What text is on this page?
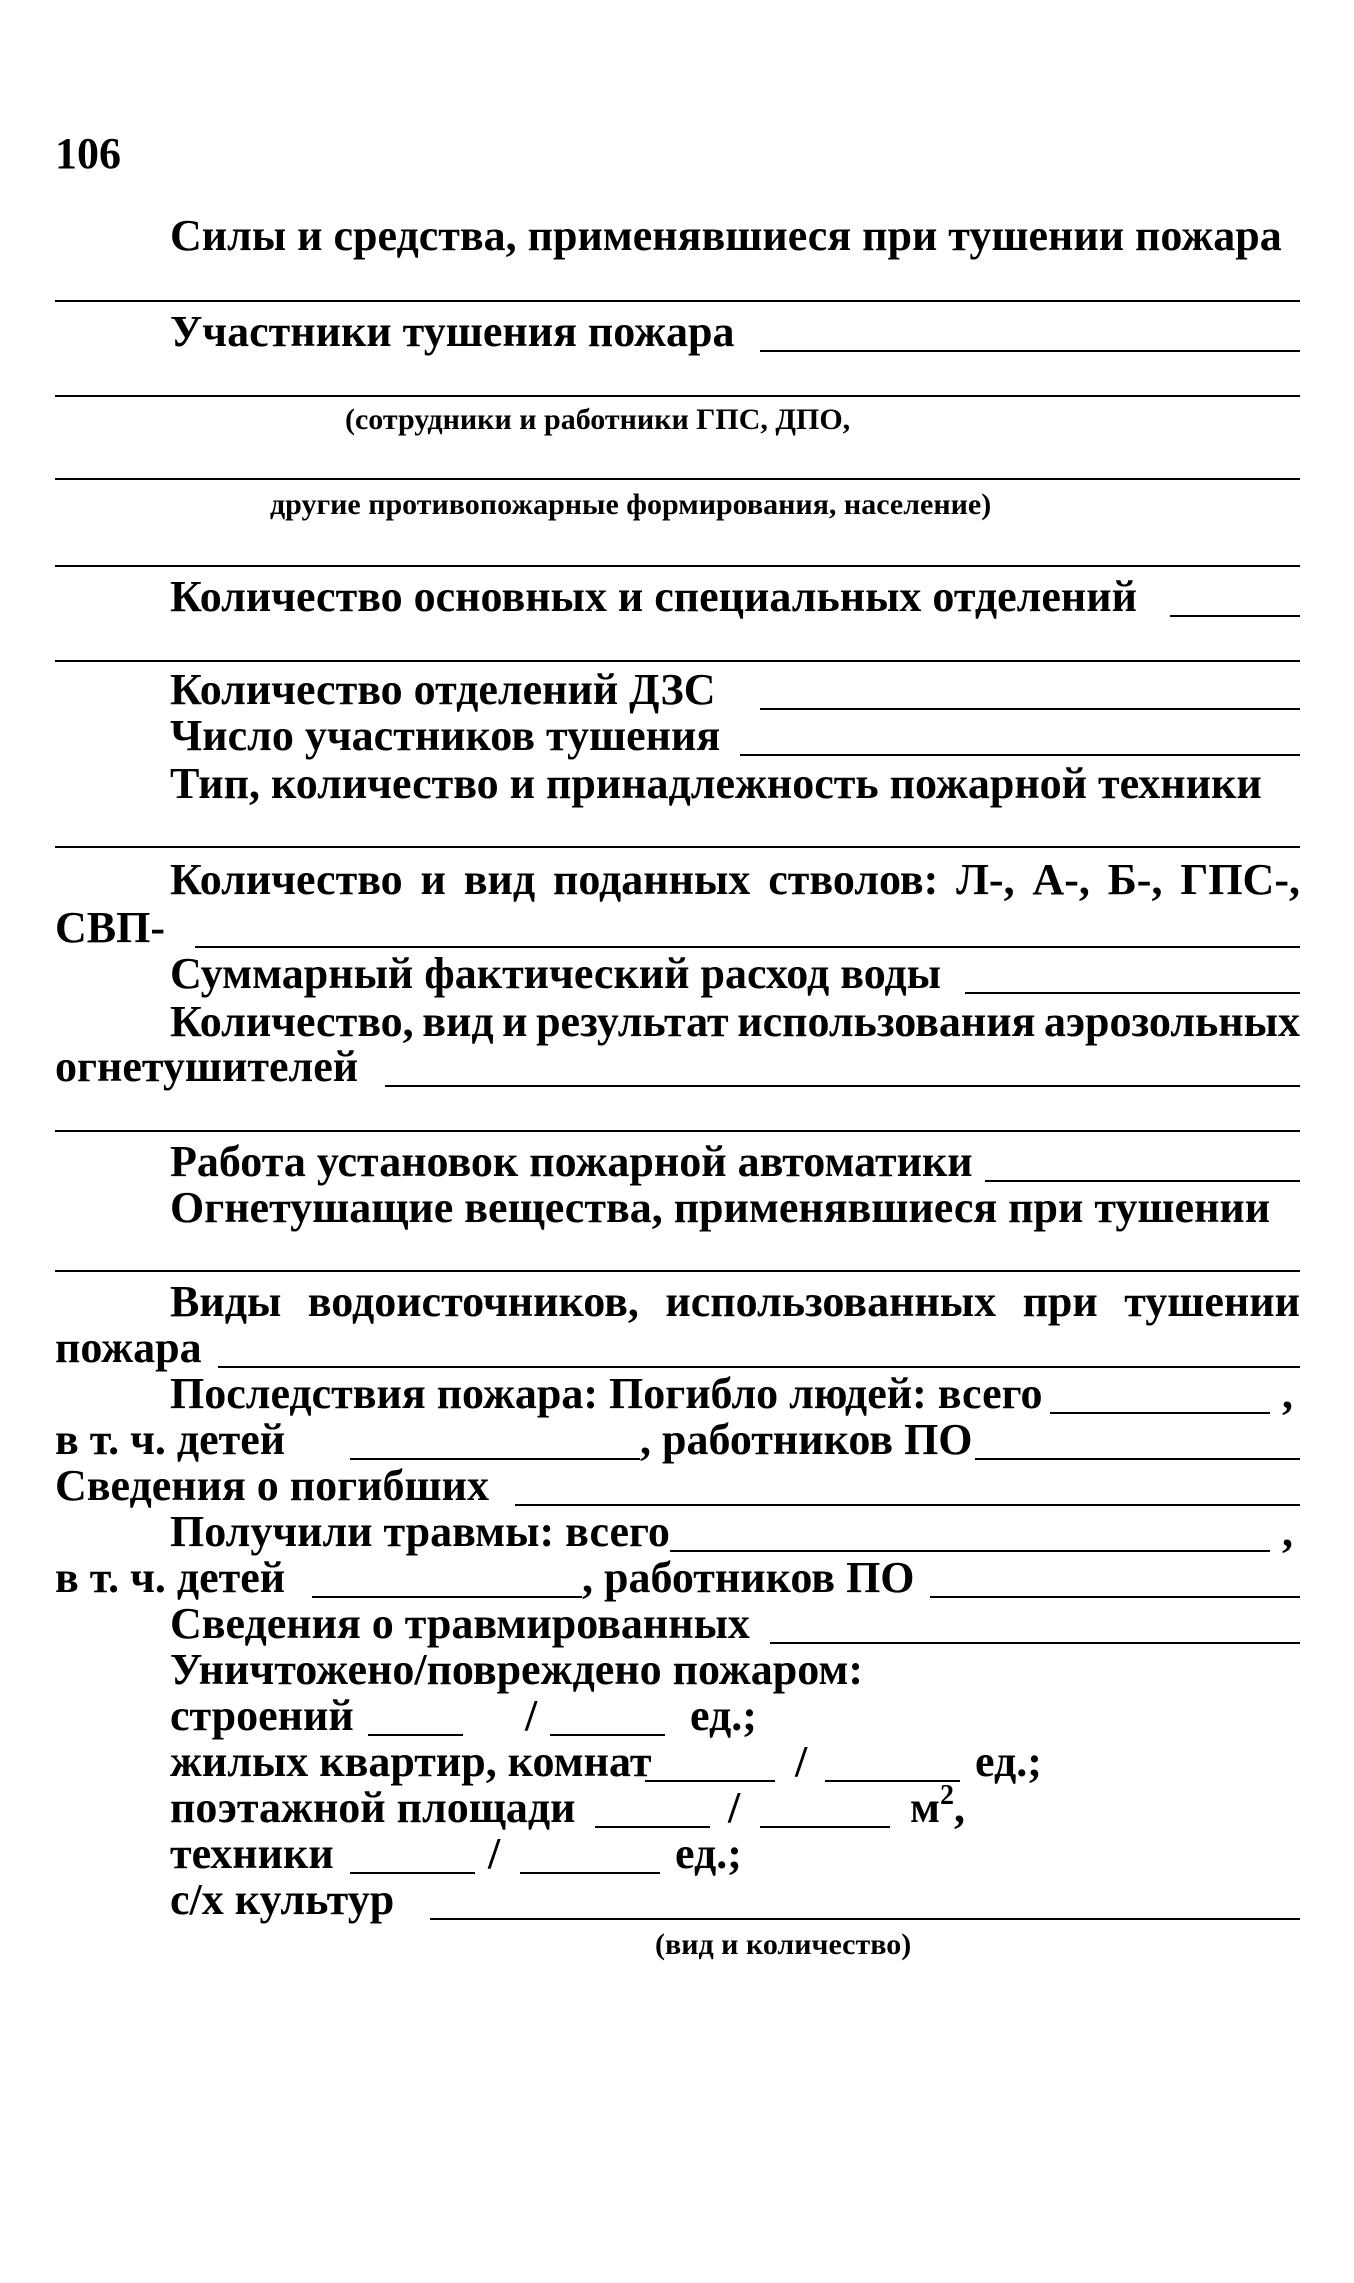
106
Силы и средства, применявшиеся при тушении пожара
Участники тушения пожара
(сотрудники и работники ГПС, ДПО,
другие противопожарные формирования, население)
Количество основных и специальных отделений
Количество отделений ДЗС
Число участников тушения
Тип, количество и принадлежность пожарной техники
Количество и вид поданных стволов: Л-, А-, Б-, ГПС-,
СВП-
Суммарный фактический расход воды
Количество, вид и результат использования аэрозольных
огнетушителей
Работа установок пожарной автоматики
Огнетушащие вещества, применявшиеся при тушении
Виды водоисточников, использованных при тушении
пожара
Последствия пожара: Погибло людей: всего	,
в т. ч. детей	, работников ПО
Сведения о погибших
Получили травмы: всего	,
в т. ч. детей	, работников ПО
Сведения о травмированных
Уничтожено/повреждено пожаром:
строений	/	ед.;
жилых квартир, комнат	/	ед.;
поэтажной площади	/	$м^2$,
техники	/	ед.;
с/х культур
(вид и количество)
